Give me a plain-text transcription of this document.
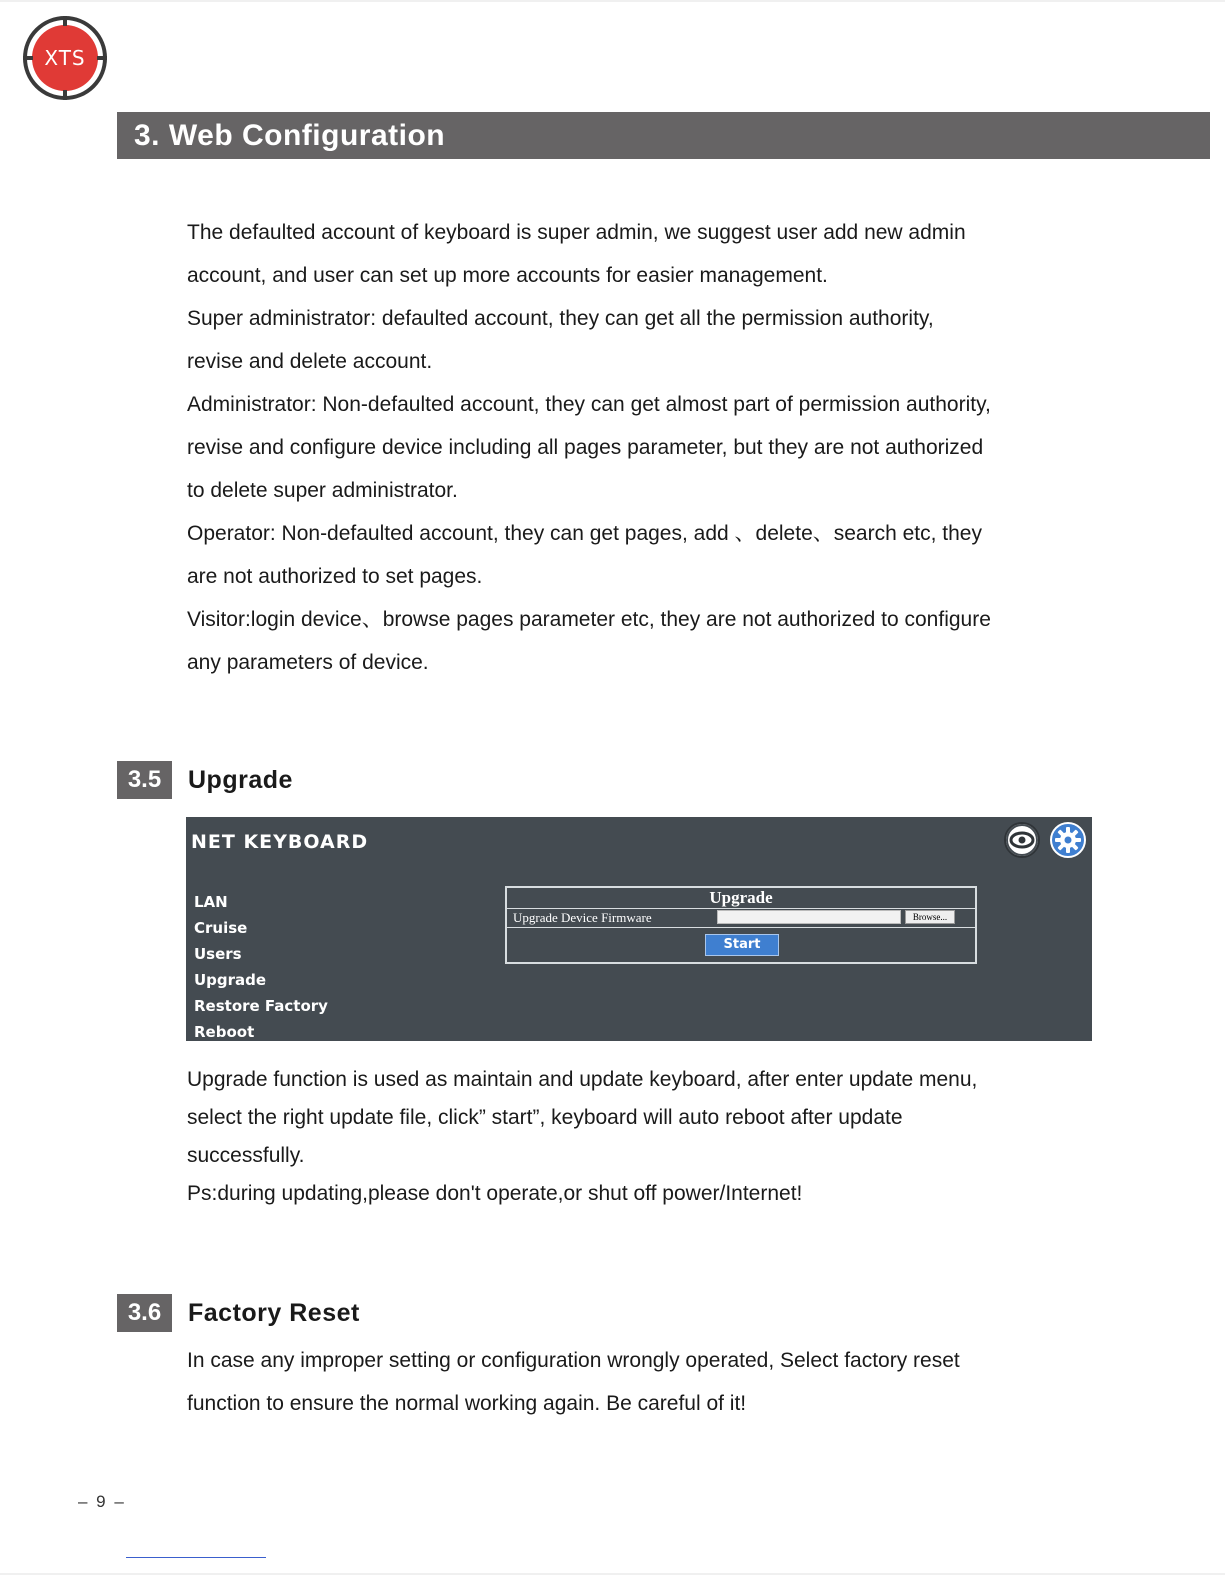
XTS
3. Web Configuration
The defaulted account of keyboard is super admin, we suggest user add new admin
account, and user can set up more accounts for easier management.
Super administrator: defaulted account, they can get all the permission authority,
revise and delete account.
Administrator: Non-defaulted account, they can get almost part of permission authority,
revise and configure device including all pages parameter, but they are not authorized
to delete super administrator.
Operator: Non-defaulted account, they can get pages, add 、delete、search etc, they
are not authorized to set pages.
Visitor:login device、browse pages parameter etc, they are not authorized to configure
any parameters of device.
3.5	Upgrade
NET KEYBOARD
LAN
Cruise
Users
Upgrade
Restore Factory
Reboot
Upgrade
Upgrade Device Firmware	Browse...
Start
Upgrade function is used as maintain and update keyboard, after enter update menu,
select the right update file, click” start”, keyboard will auto reboot after update
successfully.
Ps:during updating,please don't operate,or shut off power/Internet!
3.6	Factory Reset
In case any improper setting or configuration wrongly operated, Select factory reset
function to ensure the normal working again. Be careful of it!
– 9 –
